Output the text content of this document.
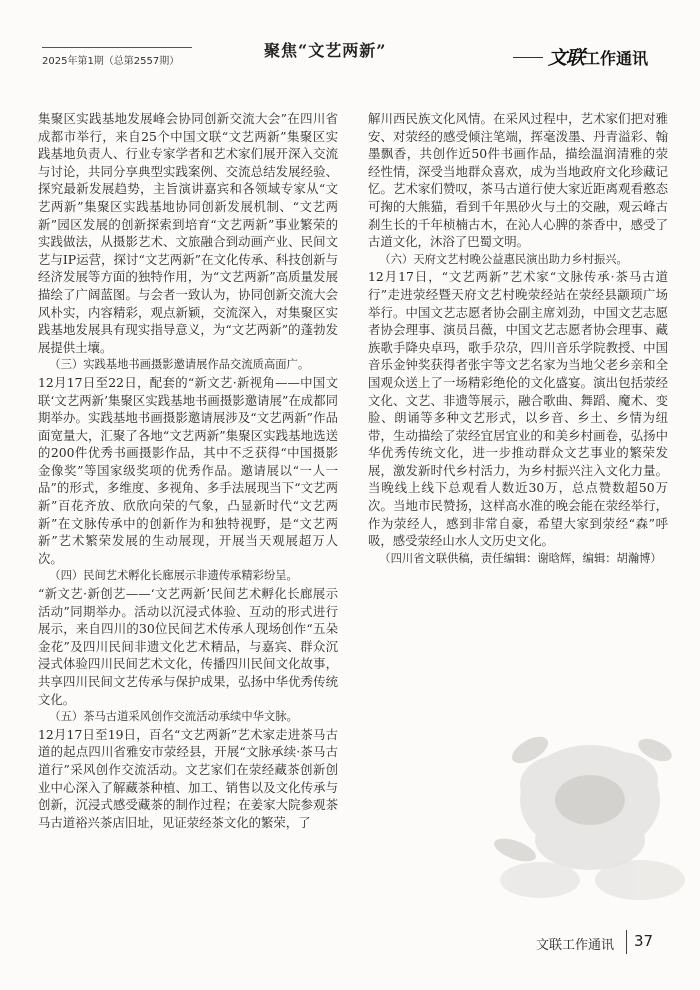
2025年第1期（总第2557期）
聚焦“文艺两新”	文联工作通讯

集聚区实践基地发展峰会协同创新交流大会”在四川省成都市举行，来自25个中国文联“文艺两新”集聚区实践基地负责人、行业专家学者和艺术家们展开深入交流与讨论，共同分享典型实践案例、交流总结发展经验、探究最新发展趋势，主旨演讲嘉宾和各领域专家从“文艺两新”集聚区实践基地协同创新发展机制、“文艺两新”园区发展的创新探索到培育“文艺两新”事业繁荣的实践做法，从摄影艺术、文旅融合到动画产业、民间文艺与IP运营，探讨“文艺两新”在文化传承、科技创新与经济发展等方面的独特作用，为“文艺两新”高质量发展描绘了广阔蓝图。与会者一致认为，协同创新交流大会风朴实，内容精彩，观点新颖，交流深入，对集聚区实践基地发展具有现实指导意义，为“文艺两新”的蓬勃发展提供土壤。

（三）实践基地书画摄影邀请展作品交流质高面广。

12月17日至22日，配套的“新文艺·新视角——中国文联‘文艺两新’集聚区实践基地书画摄影邀请展”在成都同期举办。实践基地书画摄影邀请展涉及“文艺两新”作品面宽量大，汇聚了各地“文艺两新”集聚区实践基地选送的200件优秀书画摄影作品，其中不乏获得“中国摄影金像奖”等国家级奖项的优秀作品。邀请展以“一人一品”的形式，多维度、多视角、多手法展现当下“文艺两新”百花齐放、欣欣向荣的气象，凸显新时代“文艺两新”在文脉传承中的创新作为和独特视野，是“文艺两新”艺术繁荣发展的生动展现，开展当天观展超万人次。

（四）民间艺术孵化长廊展示非遗传承精彩纷呈。

“新文艺·新创艺——‘文艺两新’民间艺术孵化长廊展示活动”同期举办。活动以沉浸式体验、互动的形式进行展示，来自四川的30位民间艺术传承人现场创作“五朵金花”及四川民间非遗文化艺术精品，与嘉宾、群众沉浸式体验四川民间艺术文化，传播四川民间文化故事，共享四川民间文艺传承与保护成果，弘扬中华优秀传统文化。

（五）茶马古道采风创作交流活动承续中华文脉。

12月17日至19日，百名“文艺两新”艺术家走进茶马古道的起点四川省雅安市荥经县，开展“文脉承续·茶马古道行”采风创作交流活动。文艺家们在荥经藏茶创新创业中心深入了解藏茶种植、加工、销售以及文化传承与创新，沉浸式感受藏茶的制作过程；在姜家大院参观茶马古道裕兴茶店旧址，见证荥经茶文化的繁荣，了

解川西民族文化风情。在采风过程中，艺术家们把对雅安、对荥经的感受倾注笔端，挥毫泼墨、丹青溢彩、翰墨飘香，共创作近50件书画作品，描绘温润清雅的荥经性情，深受当地群众喜欢，成为当地政府文化珍藏记忆。艺术家们赞叹，茶马古道行使大家近距离观看憨态可掬的大熊猫，看到千年黑砂火与土的交融，观云峰古刹生长的千年桢楠古木，在沁人心脾的茶香中，感受了古道文化，沐浴了巴蜀文明。

（六）天府文艺村晚公益惠民演出助力乡村振兴。

12月17日，“文艺两新”艺术家“文脉传承·茶马古道行”走进荥经暨天府文艺村晚荥经站在荥经县颛顼广场举行。中国文艺志愿者协会副主席刘劲，中国文艺志愿者协会理事、演员吕薇，中国文艺志愿者协会理事、藏族歌手降央卓玛，歌手尕尕，四川音乐学院教授、中国音乐金钟奖获得者张宇等文艺名家为当地父老乡亲和全国观众送上了一场精彩绝伦的文化盛宴。演出包括荥经文化、文艺、非遗等展示，融合歌曲、舞蹈、魔术、变脸、朗诵等多种文艺形式，以乡音、乡土、乡情为纽带，生动描绘了荥经宜居宜业的和美乡村画卷，弘扬中华优秀传统文化，进一步推动群众文艺事业的繁荣发展，激发新时代乡村活力，为乡村振兴注入文化力量。当晚线上线下总观看人数近30万，总点赞数超50万次。当地市民赞扬，这样高水准的晚会能在荥经举行，作为荥经人，感到非常自豪，希望大家到荥经“森”呼吸，感受荥经山水人文历史文化。

（四川省文联供稿，责任编辑：谢晗辉，编辑：胡瀚博）

文联工作通讯 37
